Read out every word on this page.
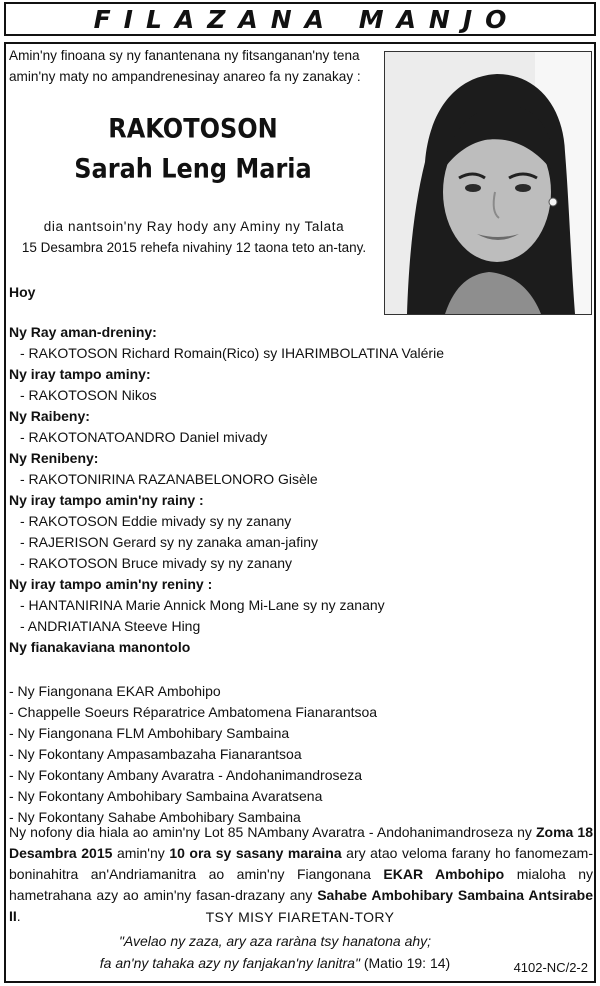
FILAZANA MANJO
Amin'ny finoana sy ny fanantenana ny fitsanganan'ny tena
amin'ny maty no ampandrenesinay anareo fa ny zanakay :
RAKOTOSON
Sarah Leng Maria
dia nantsoin'ny Ray hody any Aminy ny Talata
15 Desambra 2015 rehefa nivahiny 12 taona teto an-tany.
Hoy
Ny Ray aman-dreniny:
- RAKOTOSON Richard Romain(Rico) sy IHARIMBOLATINA Valérie
Ny iray tampo aminy:
- RAKOTOSON Nikos
Ny Raibeny:
- RAKOTONATOANDRO Daniel mivady
Ny Renibeny:
- RAKOTONIRINA RAZANABELONORO Gisèle
Ny iray tampo amin'ny rainy :
- RAKOTOSON Eddie mivady sy ny zanany
- RAJERISON Gerard sy ny zanaka aman-jafiny
- RAKOTOSON Bruce mivady sy ny zanany
Ny iray tampo amin'ny reniny :
- HANTANIRINA Marie Annick Mong Mi-Lane sy ny zanany
- ANDRIATIANA Steeve Hing
Ny fianakaviana manontolo
- Ny Fiangonana EKAR Ambohipo
- Chappelle Soeurs Réparatrice Ambatomena Fianarantsoa
- Ny Fiangonana FLM Ambohibary Sambaina
- Ny Fokontany Ampasambazaha Fianarantsoa
- Ny Fokontany Ambany Avaratra - Andohanimandroseza
- Ny Fokontany Ambohibary Sambaina Avaratsena
- Ny Fokontany Sahabe Ambohibary Sambaina
Ny nofony dia hiala ao amin'ny Lot 85 NAmbany Avaratra - Andohanimandroseza ny Zoma 18 Desambra 2015 amin'ny 10 ora sy sasany maraina ary atao veloma farany ho fanomezam-boninahitra an'Andriamanitra ao amin'ny Fiangonana EKAR Ambohipo mialoha ny hametrahana azy ao amin'ny fasan-drazany any Sahabe Ambohibary Sambaina Antsirabe II.	TSY MISY FIARETAN-TORY
"Avelao ny zaza, ary aza raràna tsy hanatona ahy;
fa an'ny tahaka azy ny fanjakan'ny lanitra" (Matio 19: 14)	4102-NC/2-2
